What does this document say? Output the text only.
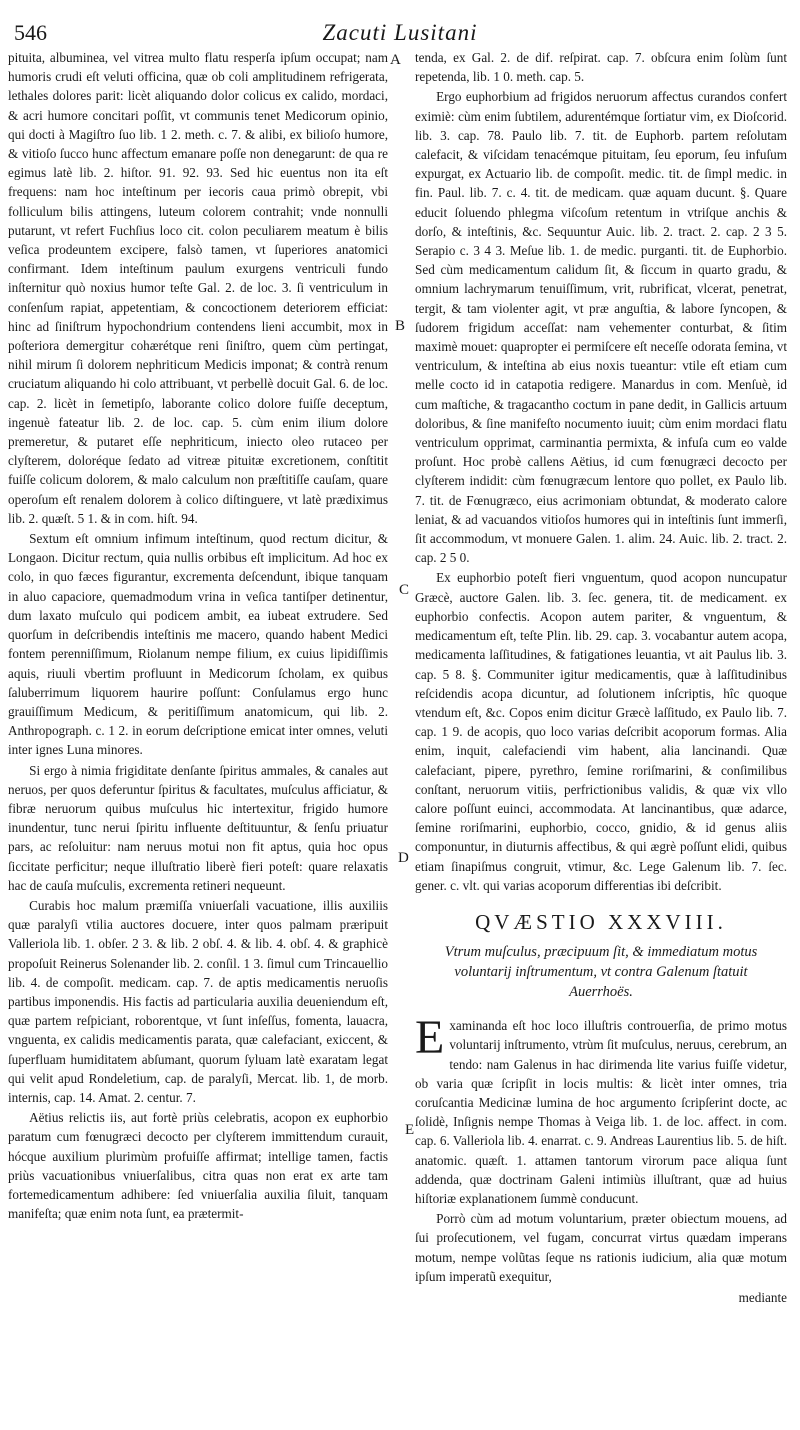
546	Zacuti Lusitani

pituita, albuminea, vel vitrea multo flatu resperſa ipſum occupat; nam humoris crudi eſt veluti officina, quæ ob coli amplitudinem refrigerata, lethales dolores parit: licèt aliquando dolor colicus ex calido, mordaci, & acri humore concitari poſſit, vt communis tenet Medicorum opinio, qui docti à Magiſtro ſuo lib. 1 2. meth. c. 7. & alibi, ex bilioſo humore, & vitioſo ſucco hunc affectum emanare poſſe non denegarunt: de qua re egimus latè lib. 2. hiſtor. 91. 92. 93. Sed hic euentus non ita eſt frequens: nam hoc inteſtinum per iecoris caua primò obrepit, vbi folliculum bilis attingens, luteum colorem contrahit; vnde nonnulli putarunt, vt refert Fuchſius loco cit. colon peculiarem meatum è bilis veſica prodeuntem excipere, falsò tamen, vt ſuperiores anatomici confirmant. Idem inteſtinum paulum exurgens ventriculi fundo inſternitur quò noxius humor teſte Gal. 2. de loc. 3. ſi ventriculum in conſenſum rapiat, appetentiam, & concoctionem deteriorem efficiat: hinc ad ſiniſtrum hypochondrium contendens lieni accumbit, mox in poſteriora demergitur cohærétque reni ſiniſtro, quem cùm pertingat, nihil mirum ſi dolorem nephriticum Medicis imponat; & contrà renum cruciatum aliquando hi colo attribuant, vt perbellè docuit Gal. 6. de loc. cap. 2. licèt in ſemetipſo, laborante colico dolore fuiſſe deceptum, ingenuè fateatur lib. 2. de loc. cap. 5. cùm enim ilium dolore premeretur, & putaret eſſe nephriticum, iniecto oleo rutaceo per clyſterem, doloréque ſedato ad vitreæ pituitæ excretionem, conſtitit fuiſſe colicum dolorem, & malo calculum non præſtitiſſe cauſam, quare operoſum eſt renalem dolorem à colico diſtinguere, vt latè prædiximus lib. 2. quæſt. 5 1. & in com. hiſt. 94.

Sextum eſt omnium infimum inteſtinum, quod rectum dicitur, & Longaon. Dicitur rectum, quia nullis orbibus eſt implicitum. Ad hoc ex colo, in quo fæces figurantur, excrementa deſcendunt, ibique tanquam in aluo capaciore, quemadmodum vrina in veſica tantiſper detinentur, dum laxato muſculo qui podicem ambit, ea iubeat extrudere. Sed quorſum in deſcribendis inteſtinis me macero, quando habent Medici fontem perenniſſimum, Riolanum nempe filium, ex cuius lipidiſſimis aquis, riuuli vbertim profluunt in Medicorum ſcholam, ex quibus ſaluberrimum liquorem haurire poſſunt: Conſulamus ergo hunc grauiſſimum Medicum, & peritiſſimum anatomicum, qui lib. 2. Anthropograph. c. 1 2. in eorum deſcriptione emicat inter omnes, veluti inter ignes Luna minores.

Si ergo à nimia frigiditate denſante ſpiritus ammales, & canales aut neruos, per quos deferuntur ſpiritus & facultates, muſculus afficiatur, & fibræ neruorum quibus muſculus hic intertexitur, frigido humore inundentur, tunc nerui ſpiritu influente deſtituuntur, & ſenſu priuatur pars, ac reſoluitur: nam neruus motui non fit aptus, quia hoc opus ſiccitate perficitur; neque illuſtratio liberè fieri poteſt: quare relaxatis hac de cauſa muſculis, excrementa retineri nequeunt.

Curabis hoc malum præmiſſa vniuerſali vacuatione, illis auxiliis quæ paralyſi vtilia auctores docuere, inter quos palmam præripuit Valleriola lib. 1. obſer. 2 3. & lib. 2 obſ. 4. & lib. 4. obſ. 4. & graphicè propoſuit Reinerus Solenander lib. 2. conſil. 1 3. ſimul cum Trincauellio lib. 4. de compoſit. medicam. cap. 7. de aptis medicamentis neruoſis partibus imponendis. His factis ad particularia auxilia deueniendum eſt, quæ partem reſpiciant, roborentque, vt ſunt inſeſſus, fomenta, lauacra, vnguenta, ex calidis medicamentis parata, quæ calefaciant, exiccent, & ſuperfluam humiditatem abſumant, quorum ſyluam latè exaratam legat qui velit apud Rondeletium, cap. de paralyſi, Mercat. lib. 1, de morb. internis, cap. 14. Amat. 2. centur. 7.

Aëtius relictis iis, aut fortè priùs celebratis, acopon ex euphorbio paratum cum fœnugræci decocto per clyſterem immittendum curauit, hócque auxilium plurimùm profuiſſe affirmat; intellige tamen, factis priùs vacuationibus vniuerſalibus, citra quas non erat ex arte tam fortemedicamentum adhibere: ſed vniuerſalia auxilia ſiluit, tanquam manifeſta; quæ enim nota ſunt, ea prætermit-

A
B
C
D
E

tenda, ex Gal. 2. de dif. reſpirat. cap. 7. obſcura enim ſolùm ſunt repetenda, lib. 1 0. meth. cap. 5.

Ergo euphorbium ad frigidos neruorum affectus curandos confert eximiè: cùm enim ſubtilem, adurentémque ſortiatur vim, ex Dioſcorid. lib. 3. cap. 78. Paulo lib. 7. tit. de Euphorb. partem reſolutam calefacit, & viſcidam tenacémque pituitam, ſeu eporum, ſeu infuſum expurgat, ex Actuario lib. de compoſit. medic. tit. de ſimpl medic. in fin. Paul. lib. 7. c. 4. tit. de medicam. quæ aquam ducunt. §. Quare educit ſoluendo phlegma viſcoſum retentum in vtriſque anchis & dorſo, & inteſtinis, &c. Sequuntur Auic. lib. 2. tract. 2. cap. 2 3 5. Serapio c. 3 4 3. Meſue lib. 1. de medic. purganti. tit. de Euphorbio. Sed cùm medicamentum calidum ſit, & ſiccum in quarto gradu, & omnium lachrymarum tenuiſſimum, vrit, rubrificat, vlcerat, penetrat, tergit, & tam violenter agit, vt præ anguſtia, & labore ſyncopen, & ſudorem frigidum acceſſat: nam vehementer conturbat, & ſitim maximè mouet: quapropter ei permiſcere eſt neceſſe odorata ſemina, vt ventriculum, & inteſtina ab eius noxis tueantur: vtile eſt etiam cum melle cocto id in catapotia redigere. Manardus in com. Menſuè, id cum maſtiche, & tragacantho coctum in pane dedit, in Gallicis artuum doloribus, & ſine manifeſto nocumento iuuit; cùm enim mordaci flatu ventriculum opprimat, carminantia permixta, & infuſa cum eo valde proſunt. Hoc probè callens Aëtius, id cum fœnugræci decocto per clyſterem indidit: cùm fœnugræcum lentore quo pollet, ex Paulo lib. 7. tit. de Fœnugræco, eius acrimoniam obtundat, & moderato calore leniat, & ad vacuandos vitioſos humores qui in inteſtinis ſunt immerſi, ſit accommodum, vt monuere Galen. 1. alim. 24. Auic. lib. 2. tract. 2. cap. 2 5 0.

Ex euphorbio poteſt fieri vnguentum, quod acopon nuncupatur Græcè, auctore Galen. lib. 3. ſec. genera, tit. de medicament. ex euphorbio confectis. Acopon autem pariter, & vnguentum, & medicamentum eſt, teſte Plin. lib. 29. cap. 3. vocabantur autem acopa, medicamenta laſſitudines, & fatigationes leuantia, vt ait Paulus lib. 3. cap. 5 8. §. Communiter igitur medicamentis, quæ à laſſitudinibus reſcidendis acopa dicuntur, ad ſolutionem inſcriptis, hîc quoque vtendum eſt, &c. Copos enim dicitur Græcè laſſitudo, ex Paulo lib. 7. cap. 1 9. de acopis, quo loco varias deſcribit acoporum formas. Alia enim, inquit, calefaciendi vim habent, alia lancinandi. Quæ calefaciant, pipere, pyrethro, ſemine roriſmarini, & conſimilibus conſtant, neruorum vitiis, perfrictionibus validis, & quæ vix vllo calore poſſunt euinci, accommodata. At lancinantibus, quæ adarce, ſemine roriſmarini, euphorbio, cocco, gnidio, & id genus aliis componuntur, in diuturnis affectibus, & qui ægrè poſſunt elidi, quibus etiam ſinapiſmus congruit, vtimur, &c. Lege Galenum lib. 7. ſec. gener. c. vlt. qui varias acoporum differentias ibi deſcribit.

QVÆSTIO XXXVIII.
Vtrum muſculus, præcipuum ſit, & immediatum motus voluntarij inſtrumentum, vt contra Galenum ſtatuit Auerrhoës.

E xaminanda eſt hoc loco illuſtris controuerſia, de primo motus voluntarij inſtrumento, vtrùm ſit muſculus, neruus, cerebrum, an tendo: nam Galenus in hac dirimenda lite varius fuiſſe videtur, ob varia quæ ſcripſit in locis multis: & licèt inter omnes, tria coruſcantia Medicinæ lumina de hoc argumento ſcripſerint docte, ac ſolidè, Inſignis nempe Thomas à Veiga lib. 1. de loc. affect. in com. cap. 6. Valleriola lib. 4. enarrat. c. 9. Andreas Laurentius lib. 5. de hiſt. anatomic. quæſt. 1. attamen tantorum virorum pace aliqua ſunt addenda, quæ doctrinam Galeni intimiùs illuſtrant, quæ ad huius hiſtoriæ explanationem ſummè conducunt.

Porrò cùm ad motum voluntarium, præter obiectum mouens, ad ſui proſecutionem, vel fugam, concurrat virtus quædam imperans motum, nempe volũtas ſeque ns rationis iudicium, alia quæ motum ipſum imperatũ exequitur,

mediante
